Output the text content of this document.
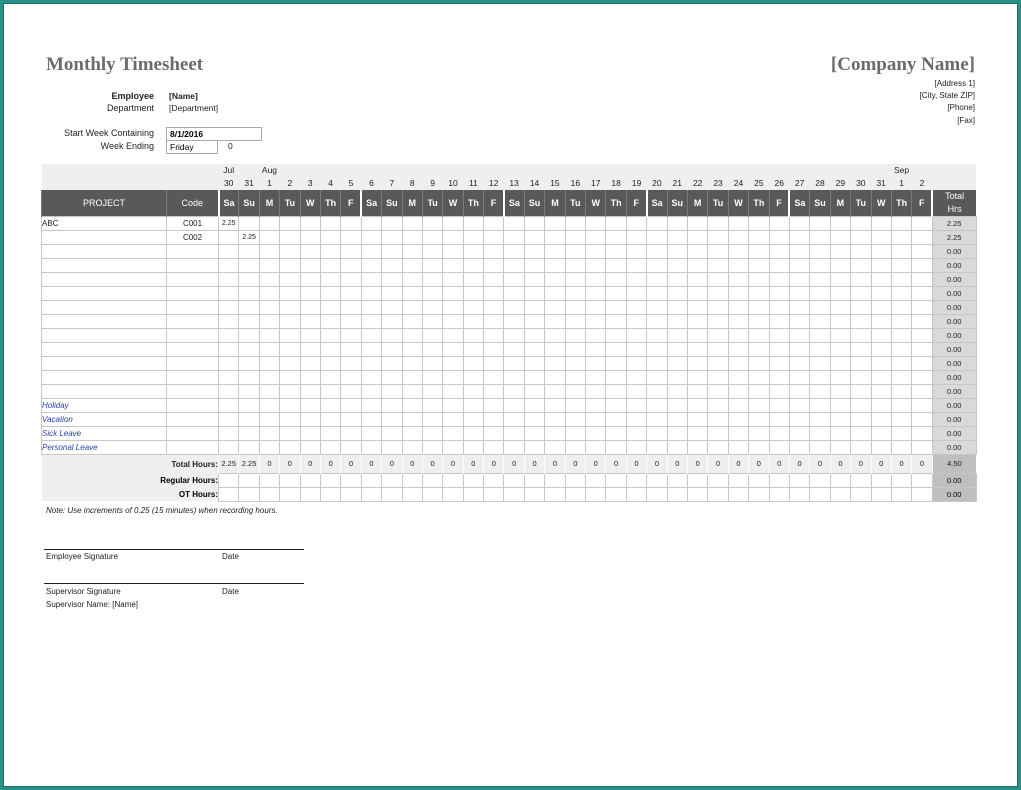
Monthly Timesheet	[Company Name]
[Address 1]
[City, State ZIP]
[Phone]
[Fax]
Employee [Name]
Department [Department]
Start Week Containing	8/1/2016
Week Ending	Friday	0
		Jul		Aug																															Sep		
		30	31	1	2	3	4	5	6	7	8	9	10	11	12	13	14	15	16	17	18	19	20	21	22	23	24	25	26	27	28	29	30	31	1	2	
PROJECT	Code	Sa	Su	M	Tu	W	Th	F	Sa	Su	M	Tu	W	Th	F	Sa	Su	M	Tu	W	Th	F	Sa	Su	M	Tu	W	Th	F	Sa	Su	M	Tu	W	Th	F	Total
Hrs

ABC	C001	2.25																																			2.25
	C002		2.25																																		2.25
																																					0.00
																																					0.00
																																					0.00
																																					0.00
																																					0.00
																																					0.00
																																					0.00
																																					0.00
																																					0.00
																																					0.00
																																					0.00
Holiday																																					0.00
Vacation																																					0.00
Sick Leave																																					0.00
Personal Leave																																					0.00
Total Hours:		2.25	2.25	0	0	0	0	0	0	0	0	0	0	0	0	0	0	0	0	0	0	0	0	0	0	0	0	0	0	0	0	0	0	0	0	0	4.50
Regular Hours:																																					0.00
OT Hours:																																					0.00
Note: Use increments of 0.25 (15 minutes) when recording hours.
Employee Signature	Date
Supervisor Signature	Date
Supervisor Name: [Name]
